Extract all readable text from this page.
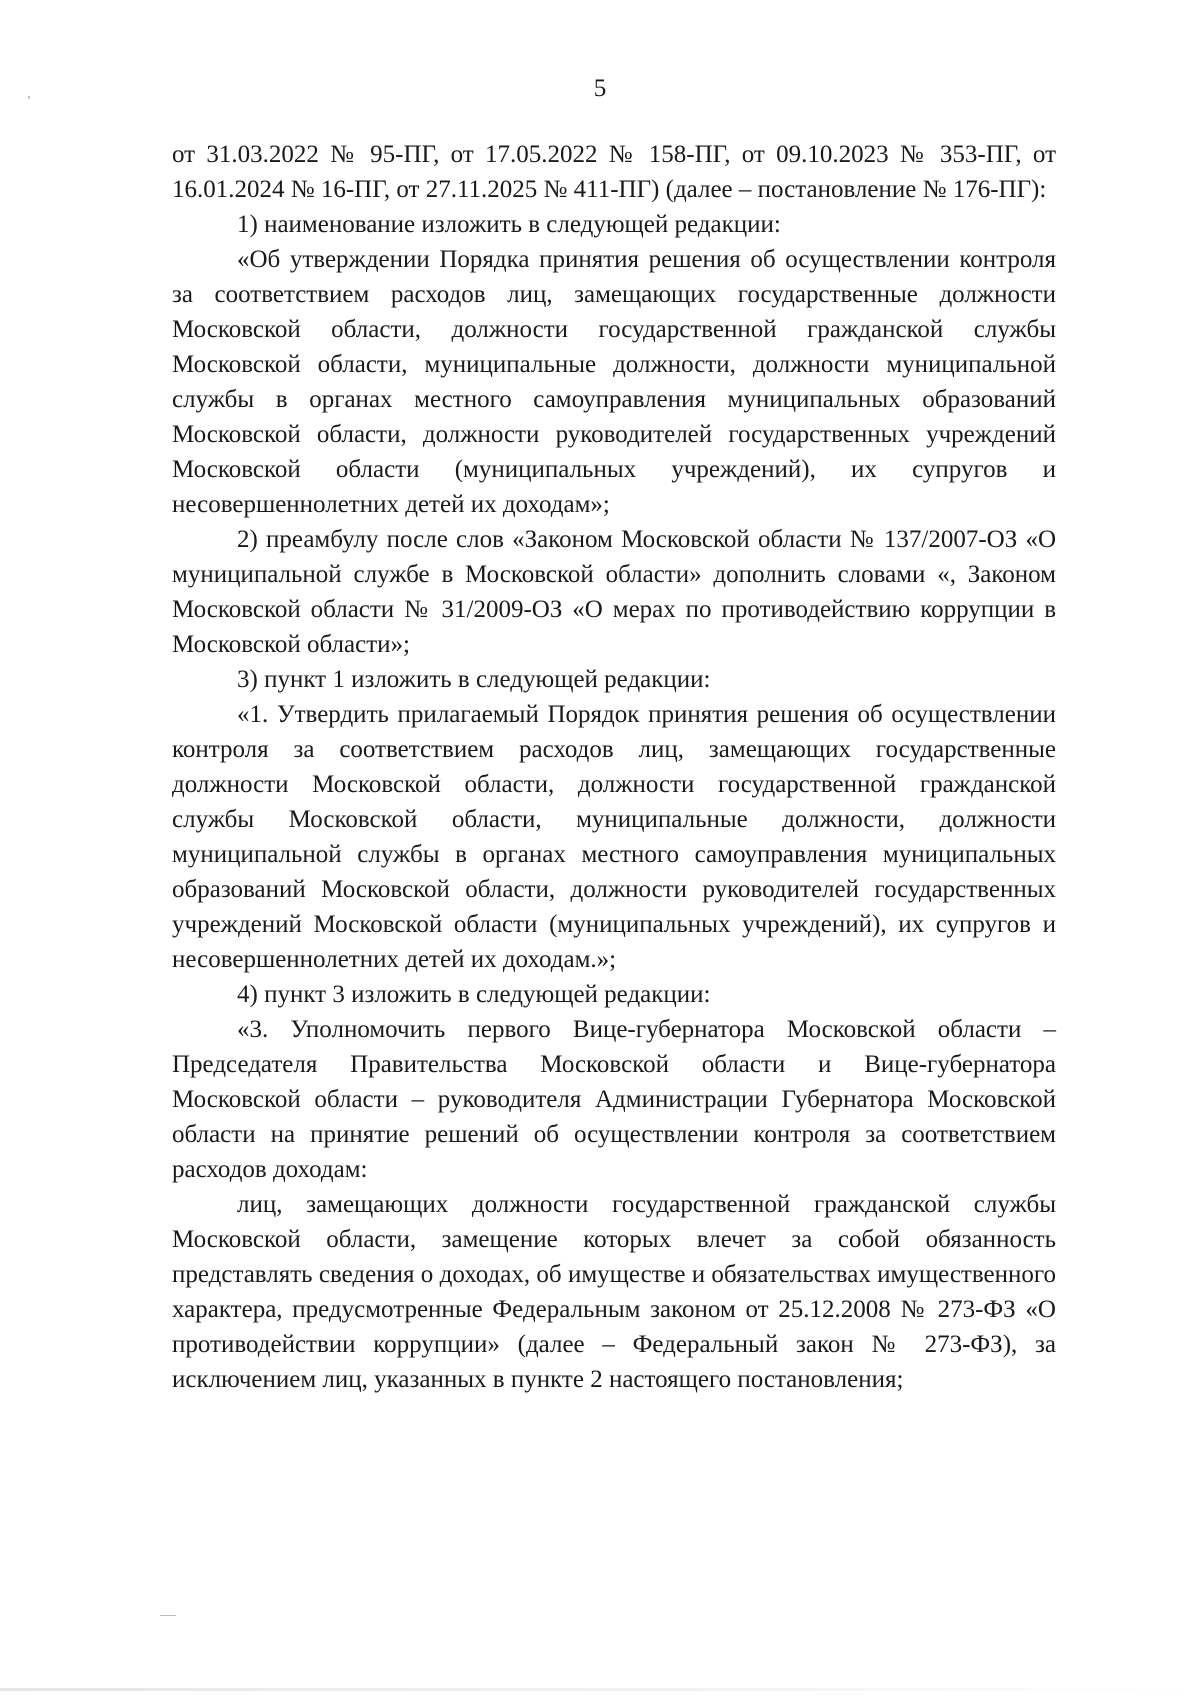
5

от 31.03.2022 № 95-ПГ, от 17.05.2022 № 158-ПГ, от 09.10.2023 № 353-ПГ, от 16.01.2024 № 16-ПГ, от 27.11.2025 № 411-ПГ) (далее – постановление № 176-ПГ):

1) наименование изложить в следующей редакции:

«Об утверждении Порядка принятия решения об осуществлении контроля за соответствием расходов лиц, замещающих государственные должности Московской области, должности государственной гражданской службы Московской области, муниципальные должности, должности муниципальной службы в органах местного самоуправления муниципальных образований Московской области, должности руководителей государственных учреждений Московской области (муниципальных учреждений), их супругов и несовершеннолетних детей их доходам»;

2) преамбулу после слов «Законом Московской области № 137/2007-ОЗ «О муниципальной службе в Московской области» дополнить словами «, Законом Московской области № 31/2009-ОЗ «О мерах по противодействию коррупции в Московской области»;

3) пункт 1 изложить в следующей редакции:

«1. Утвердить прилагаемый Порядок принятия решения об осуществлении контроля за соответствием расходов лиц, замещающих государственные должности Московской области, должности государственной гражданской службы Московской области, муниципальные должности, должности муниципальной службы в органах местного самоуправления муниципальных образований Московской области, должности руководителей государственных учреждений Московской области (муниципальных учреждений), их супругов и несовершеннолетних детей их доходам.»;

4) пункт 3 изложить в следующей редакции:

«3. Уполномочить первого Вице-губернатора Московской области – Председателя Правительства Московской области и Вице-губернатора Московской области – руководителя Администрации Губернатора Московской области на принятие решений об осуществлении контроля за соответствием расходов доходам:

лиц, замещающих должности государственной гражданской службы Московской области, замещение которых влечет за собой обязанность представлять сведения о доходах, об имуществе и обязательствах имущественного характера, предусмотренные Федеральным законом от 25.12.2008 № 273-ФЗ «О противодействии коррупции» (далее – Федеральный закон № 273-ФЗ), за исключением лиц, указанных в пункте 2 настоящего постановления;
